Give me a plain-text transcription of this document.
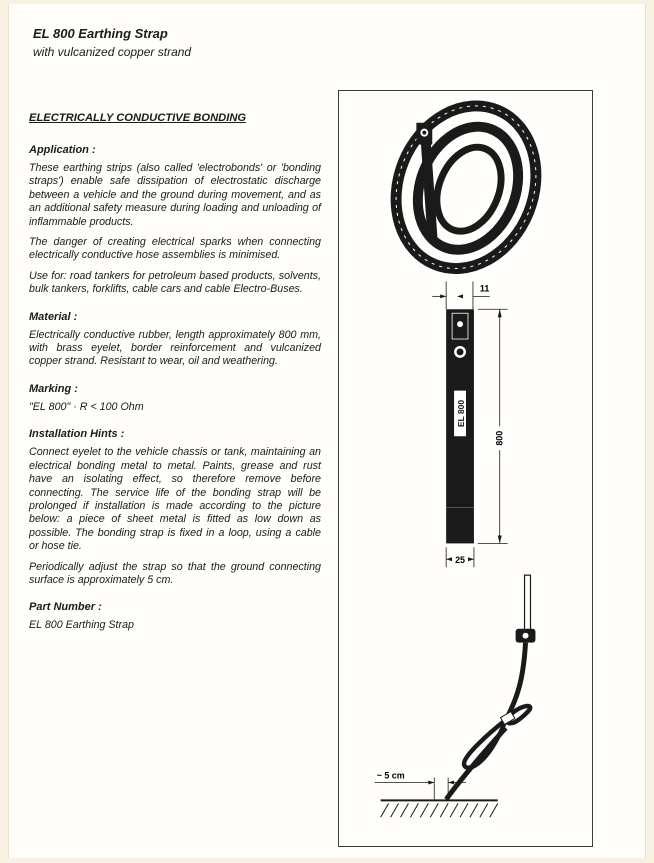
EL 800 Earthing Strap
with vulcanized copper strand
ELECTRICALLY CONDUCTIVE BONDING
Application :

These earthing strips (also called 'electrobonds' or 'bonding straps') enable safe dissipation of electrostatic discharge between a vehicle and the ground during movement, and as an additional safety measure during loading and unloading of inflammable products.

The danger of creating electrical sparks when connecting electrically conductive hose assemblies is minimised.

Use for: road tankers for petroleum based products, solvents, bulk tankers, forklifts, cable cars and cable Electro-Buses.

Material :

Electrically conductive rubber, length approximately 800 mm, with brass eyelet, border reinforcement and vulcanized copper strand. Resistant to wear, oil and weathering.

Marking :

"EL 800" · R < 100 Ohm

Installation Hints :

Connect eyelet to the vehicle chassis or tank, maintaining an electrical bonding metal to metal. Paints, grease and rust have an isolating effect, so therefore remove before connecting. The service life of the bonding strap will be prolonged if installation is made according to the picture below: a piece of sheet metal is fitted as low down as possible. The bonding strap is fixed in a loop, using a cable or hose tie.

Periodically adjust the strap so that the ground connecting surface is approximately 5 cm.

Part Number :

EL 800 Earthing Strap

11
EL 800
800
25
~ 5 cm
